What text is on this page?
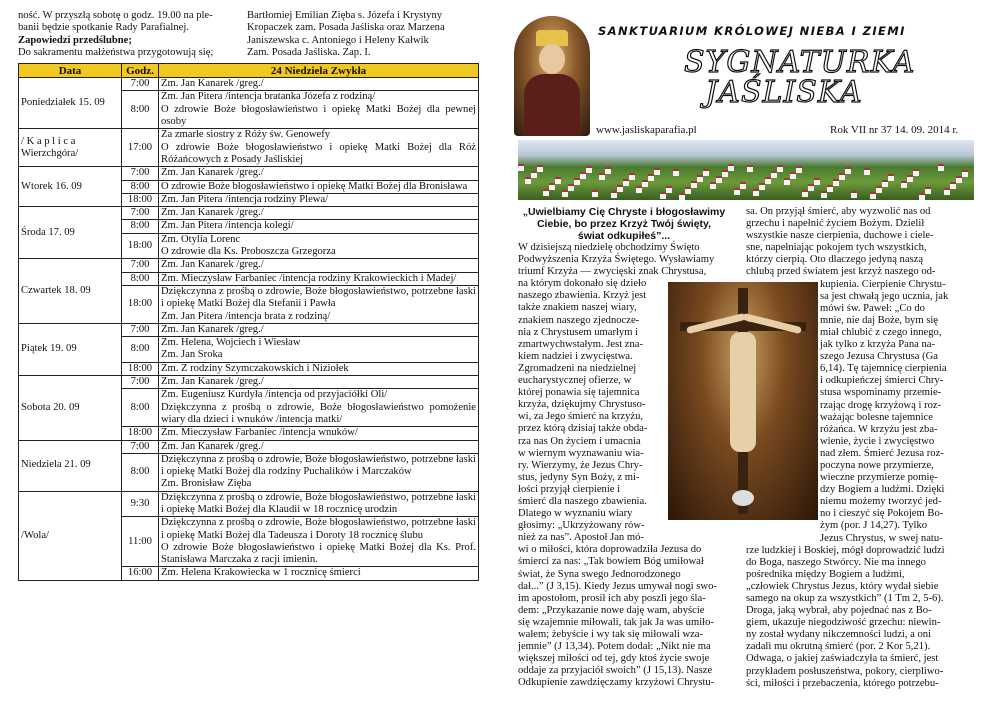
ność. W przyszłą sobotę o godz. 19.00 na ple-

banii będzie spotkanie Rady Parafialnej.

Zapowiedzi przedślubne;

Do sakramentu małżeństwa przygotowują się;

Bartłomiej Emilian Zięba s. Józefa i Krystyny

Kropaczek zam. Posada Jaśliska oraz Marzena

Janiszewska c. Antoniego i Heleny Kałwik

Zam. Posada Jaśliska. Zap. I.

Data	Godz.	24 Niedziela Zwykła
Poniedziałek 15. 09	7:00	Zm. Jan Kanarek /greg./

	8:00	Zm. Jan Pitera /intencja bratanka Józefa z rodziną/
O zdrowie Boże błogosławieństwo i opiekę Matki Bożej dla pewnej osoby

/ K a p l i c a Wierzchgóra/	17:00	Za zmarłe siostry z Róży św. Genowefy
O zdrowie Boże błogosławieństwo i opiekę Matki Bożej dla Róż Różańcowych z Posady Jaśliskiej

Wtorek 16. 09	7:00	Zm. Jan Kanarek /greg./

	8:00	O zdrowie Boże błogosławieństwo i opiekę Matki Bożej dla Bronisława

	18:00	Zm. Jan Pitera /intencja rodziny Plewa/

Środa 17. 09	7:00	Zm. Jan Kanarek /greg./

	8:00	Zm. Jan Pitera /intencja kolegi/

	18:00	Zm. Otylia Lorenc
O zdrowie dla Ks. Proboszcza Grzegorza

Czwartek 18. 09	7:00	Zm. Jan Kanarek /greg./

	8:00	Zm. Mieczysław Farbaniec /intencja rodziny Krakowieckich i Madej/

	18:00	Dziękczynna z prośbą o zdrowie, Boże błogosławieństwo, potrzebne łaski i opiekę Matki Bożej dla Stefanii i Pawła
Zm. Jan Pitera /intencja brata z rodziną/

Piątek 19. 09	7:00	Zm. Jan Kanarek /greg./

	8:00	Zm. Helena, Wojciech i Wiesław
Zm. Jan Sroka

	18:00	Zm. Z rodziny Szymczakowskich i Niziołek

Sobota 20. 09	7:00	Zm. Jan Kanarek /greg./

	8:00	Zm. Eugeniusz Kurdyła /intencja od przyjaciółki Oli/
Dziękczynna z prośbą o zdrowie, Boże błogosławieństwo pomożenie wiary dla dzieci i wnuków /intencja matki/

	18:00	Zm. Mieczysław Farbaniec /intencja wnuków/

Niedziela 21. 09	7:00	Zm. Jan Kanarek /greg./

	8:00	Dziękczynna z prośbą o zdrowie, Boże błogosławieństwo, potrzebne łaski i opiekę Matki Bożej dla rodziny Puchalików i Marczaków
Zm. Bronisław Zięba

/Wola/	9:30	Dziękczynna z prośbą o zdrowie, Boże błogosławieństwo, potrzebne łaski i opiekę Matki Bożej dla Klaudii w 18 rocznicę urodzin

	11:00	Dziękczynna z prośbą o zdrowie, Boże błogosławieństwo, potrzebne łaski i opiekę Matki Bożej dla Tadeusza i Doroty 18 rocznicę ślubu
O zdrowie Boże błogosławieństwo i opiekę Matki Bożej dla Ks. Prof. Stanisława Marczaka z racji imienin.

	16:00	Zm. Helena Krakowiecka w 1 rocznicę śmierci
SANKTUARIUM KRÓLOWEJ NIEBA I ZIEMI
SYGNATURKA
JAŚLISKA
www.jasliskaparafia.pl	Rok VII nr 37 14. 09. 2014 r.
„Uwielbiamy Cię Chryste i błogosławimy
Ciebie, bo przez Krzyż Twój święty,
świat odkupiłeś”...
W dzisiejszą niedzielę obchodzimy Święto
Podwyższenia Krzyża Świętego. Wysławiamy
triumf Krzyża — zwycięski znak Chrystusa,
na którym dokonało się dzieło
naszego zbawienia. Krzyż jest
także znakiem naszej wiary,
znakiem naszego zjednocze-
nia z Chrystusem umarłym i
zmartwychwstałym. Jest zna-
kiem nadziei i zwycięstwa.
Zgromadzeni na niedzielnej
eucharystycznej ofierze, w
której ponawia się tajemnica
krzyża, dziękujmy Chrystuso-
wi, za Jego śmierć na krzyżu,
przez którą dzisiaj także obda-
rza nas On życiem i umacnia
w wiernym wyznawaniu wia-
ry. Wierzymy, że Jezus Chry-
stus, jedyny Syn Boży, z mi-
łości przyjął cierpienie i
śmierć dla naszego zbawienia.
Dlatego w wyznaniu wiary
głosimy: „Ukrzyżowany rów-
nież za nas”. Apostoł Jan mó-
wi o miłości, która doprowadziła Jezusa do
śmierci za nas: „Tak bowiem Bóg umiłował
świat, że Syna swego Jednorodzonego
dał...” (J 3,15). Kiedy Jezus umywał nogi swo-
im apostołom, prosił ich aby poszli jego śla-
dem: „Przykazanie nowe daję wam, abyście
się wzajemnie miłowali, tak jak Ja was umiło-
wałem; żebyście i wy tak się miłowali wza-
jemnie” (J 13,34). Potem dodał: „Nikt nie ma
większej miłości od tej, gdy ktoś życie swoje
oddaje za przyjaciół swoich” (J 15,13). Nasze
Odkupienie zawdzięczamy krzyżowi Chrystu-
sa. On przyjął śmierć, aby wyzwolić nas od
grzechu i napełnić życiem Bożym. Dzielił
wszystkie nasze cierpienia, duchowe i ciele-
sne, napełniając pokojem tych wszystkich,
którzy cierpią. Oto dlaczego jedyną naszą
chlubą przed światem jest krzyż naszego od-
kupienia. Cierpienie Chrystu-
sa jest chwałą jego ucznia, jak
mówi św. Paweł: „Co do
mnie, nie daj Boże, bym się
miał chlubić z czego innego,
jak tylko z krzyża Pana na-
szego Jezusa Chrystusa (Ga
6,14). Tę tajemnicę cierpienia
i odkupieńczej śmierci Chry-
stusa wspominamy przemie-
rzając drogę krzyżową i roz-
ważając bolesne tajemnice
różańca. W krzyżu jest zba-
wienie, życie i zwycięstwo
nad złem. Śmierć Jezusa roz-
poczyna nowe przymierze,
wieczne przymierze pomię-
dzy Bogiem a ludźmi. Dzięki
niemu możemy tworzyć jed-
no i cieszyć się Pokojem Bo-
żym (por. J 14,27). Tylko
Jezus Chrystus, w swej natu-
rze ludzkiej i Boskiej, mógł doprowadzić ludzi
do Boga, naszego Stwórcy. Nie ma innego
pośrednika między Bogiem a ludźmi,
„człowiek Chrystus Jezus, który wydał siebie
samego na okup za wszystkich” (1 Tm 2, 5-6).
Droga, jaką wybrał, aby pojednać nas z Bo-
giem, ukazuje niegodziwość grzechu: niewin-
ny został wydany nikczemności ludzi, a oni
zadali mu okrutną śmierć (por. 2 Kor 5,21).
Odwaga, o jakiej zaświadczyła ta śmierć, jest
przykładem posłuszeństwa, pokory, cierpliwo-
ści, miłości i przebaczenia, którego potrzebu-
